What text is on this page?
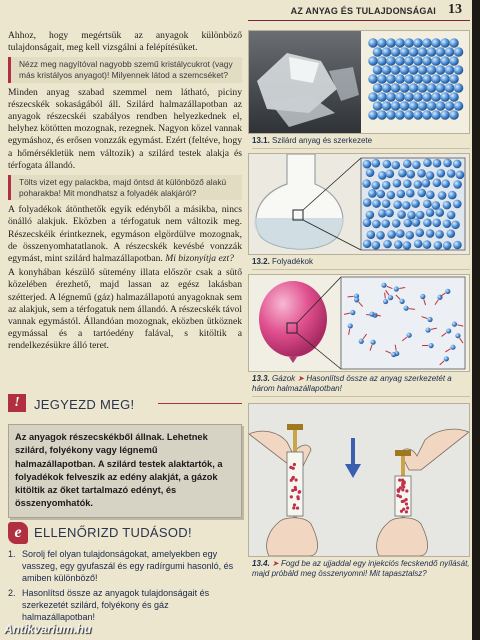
AZ ANYAG ÉS TULAJDONSÁGAI 13

Ahhoz, hogy megértsük az anyagok különböző tulajdonságait, meg kell vizsgálni a felépítésüket.

Nézz meg nagyítóval nagyobb szemű kristálycukrot (vagy más kristályos anyagot)! Milyennek látod a szemcséket?

Minden anyag szabad szemmel nem látható, piciny részecskék sokaságából áll. Szilárd halmazállapotban az anyagok részecskéi szabályos rendben helyezkednek el, helyhez kötötten mozognak, rezegnek. Nagyon közel vannak egymáshoz, és erősen vonzzák egymást. Ezért (feltéve, hogy a hőmérsékletük nem változik) a szilárd testek alakja és térfogata állandó.

Tölts vizet egy palackba, majd öntsd át különböző alakú poharakba! Mit mondhatsz a folyadék alakjáról?

A folyadékok átönthetők egyik edényből a másikba, nincs önálló alakjuk. Eközben a térfogatuk nem változik meg. Részecskéik érintkeznek, egymáson elgördülve mozognak, de összenyomhatatlanok. A részecskék kevésbé vonzzák egymást, mint szilárd halmazállapotban. Mi bizonyítja ezt?

A konyhában készülő sütemény illata először csak a sütő közelében érezhető, majd lassan az egész lakásban szétterjed. A légnemű (gáz) halmazállapotú anyagoknak sem az alakjuk, sem a térfogatuk nem állandó. A részecskék távol vannak egymástól. Állandóan mozognak, eközben ütköznek egymással és a tartóedény falával, s kitöltik a rendelkezésükre álló teret.

13.1. Szilárd anyag és szerkezete
13.2. Folyadékok
13.3. Gázok ➤ Hasonlítsd össze az anyag szerkezetét a három halmazállapotban!
13.4. ➤ Fogd be az ujjaddal egy injekciós fecskendő nyílását, majd próbáld meg összenyomni! Mit tapasztalsz?
!	JEGYEZD MEG!
Az anyagok részecskékből állnak. Lehetnek szilárd, folyékony vagy légnemű halmazállapotban. A szilárd testek alaktartók, a folyadékok felveszik az edény alakját, a gázok kitöltik az őket tartalmazó edényt, és összenyomhatók.
e ELLENŐRIZD TUDÁSOD!
1. Sorolj fel olyan tulajdonságokat, amelyekben egy vasszeg, egy gyufaszál és egy radírgumi hasonló, és amiben különböző!
2. Hasonlítsd össze az anyagok tulajdonságait és szerkezetét szilárd, folyékony és gáz halmazállapotban!
Antikvarium.hu
